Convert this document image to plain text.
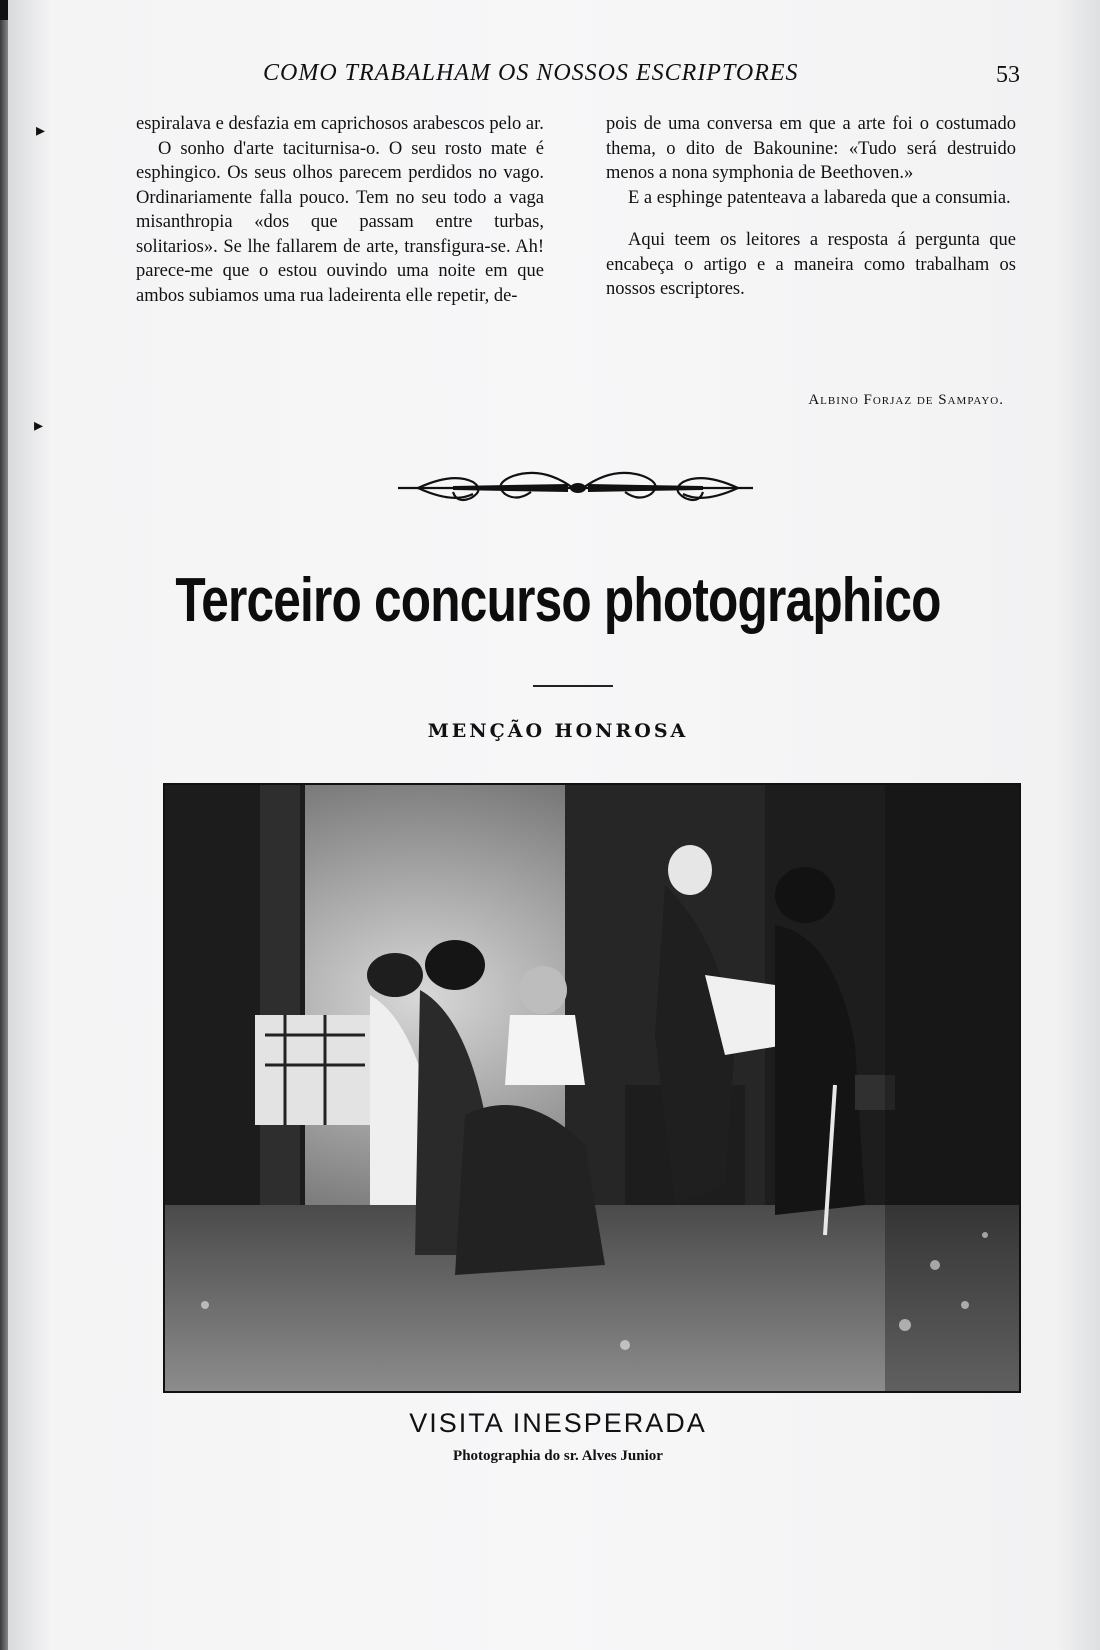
COMO TRABALHAM OS NOSSOS ESCRIPTORES	53

espiralava e desfazia em caprichosos arabescos pelo ar.

O sonho d'arte taciturnisa-o. O seu rosto mate é esphingico. Os seus olhos parecem perdidos no vago. Ordinariamente falla pouco. Tem no seu todo a vaga misanthropia «dos que passam entre turbas, solitarios». Se lhe fallarem de arte, transfigura-se. Ah! parece-me que o estou ouvindo uma noite em que ambos subiamos uma rua ladeirenta elle repetir, de-

pois de uma conversa em que a arte foi o costumado thema, o dito de Bakounine: «Tudo será destruido menos a nona symphonia de Beethoven.»

E a esphinge patenteava a labareda que a consumia.

Aqui teem os leitores a resposta á pergunta que encabeça o artigo e a maneira como trabalham os nossos escriptores.

Albino Forjaz de Sampayo.
Terceiro concurso photographico
MENÇÃO HONROSA
VISITA INESPERADA
Photographia do sr. Alves Junior
▸
▸
